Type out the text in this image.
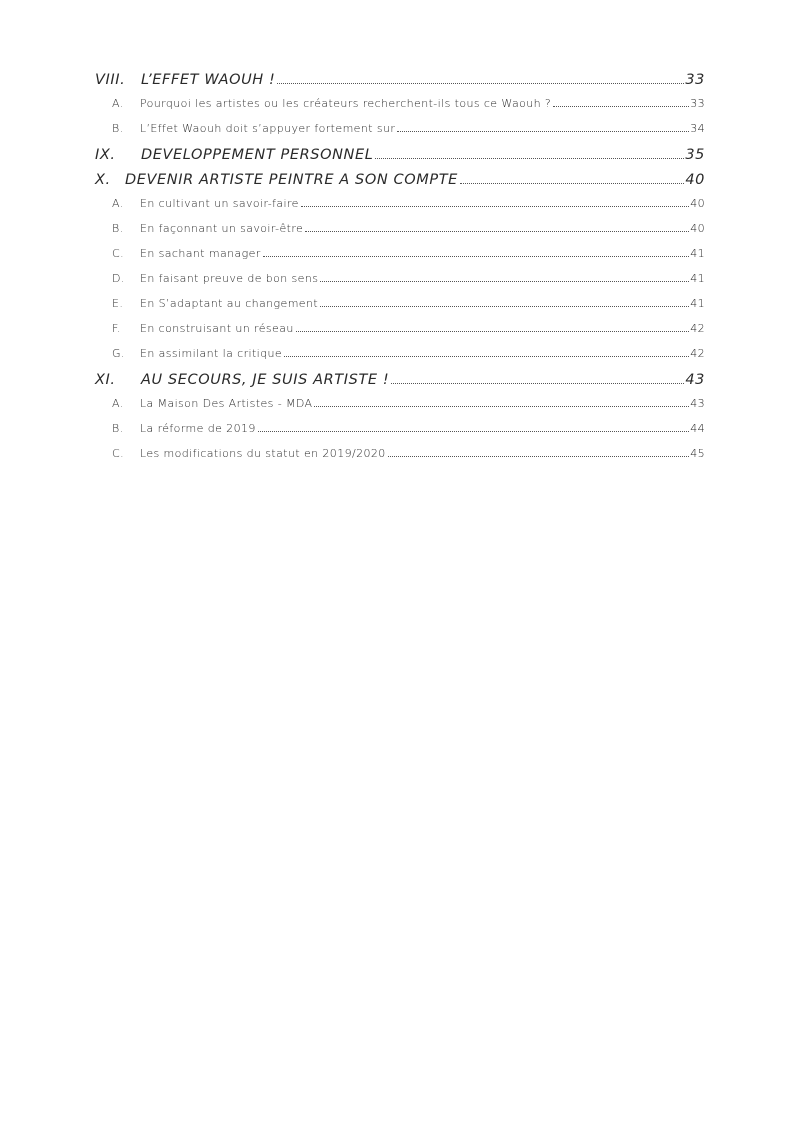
VIII.	L’EFFET WAOUH !	33
A.	Pourquoi les artistes ou les créateurs recherchent-ils tous ce Waouh ?	33
B.	L’Effet Waouh doit s’appuyer fortement sur	34
IX.	DEVELOPPEMENT PERSONNEL	35
X. DEVENIR ARTISTE PEINTRE A SON COMPTE	40
A.	En cultivant un savoir-faire	40
B.	En façonnant un savoir-être	40
C.	En sachant manager	41
D.	En faisant preuve de bon sens	41
E.	En S’adaptant au changement	41
F.	En construisant un réseau	42
G.	En assimilant la critique	42
XI.	AU SECOURS, JE SUIS ARTISTE !	43
A.	La Maison Des Artistes - MDA	43
B.	La réforme de 2019	44
C.	Les modifications du statut en 2019/2020	45
